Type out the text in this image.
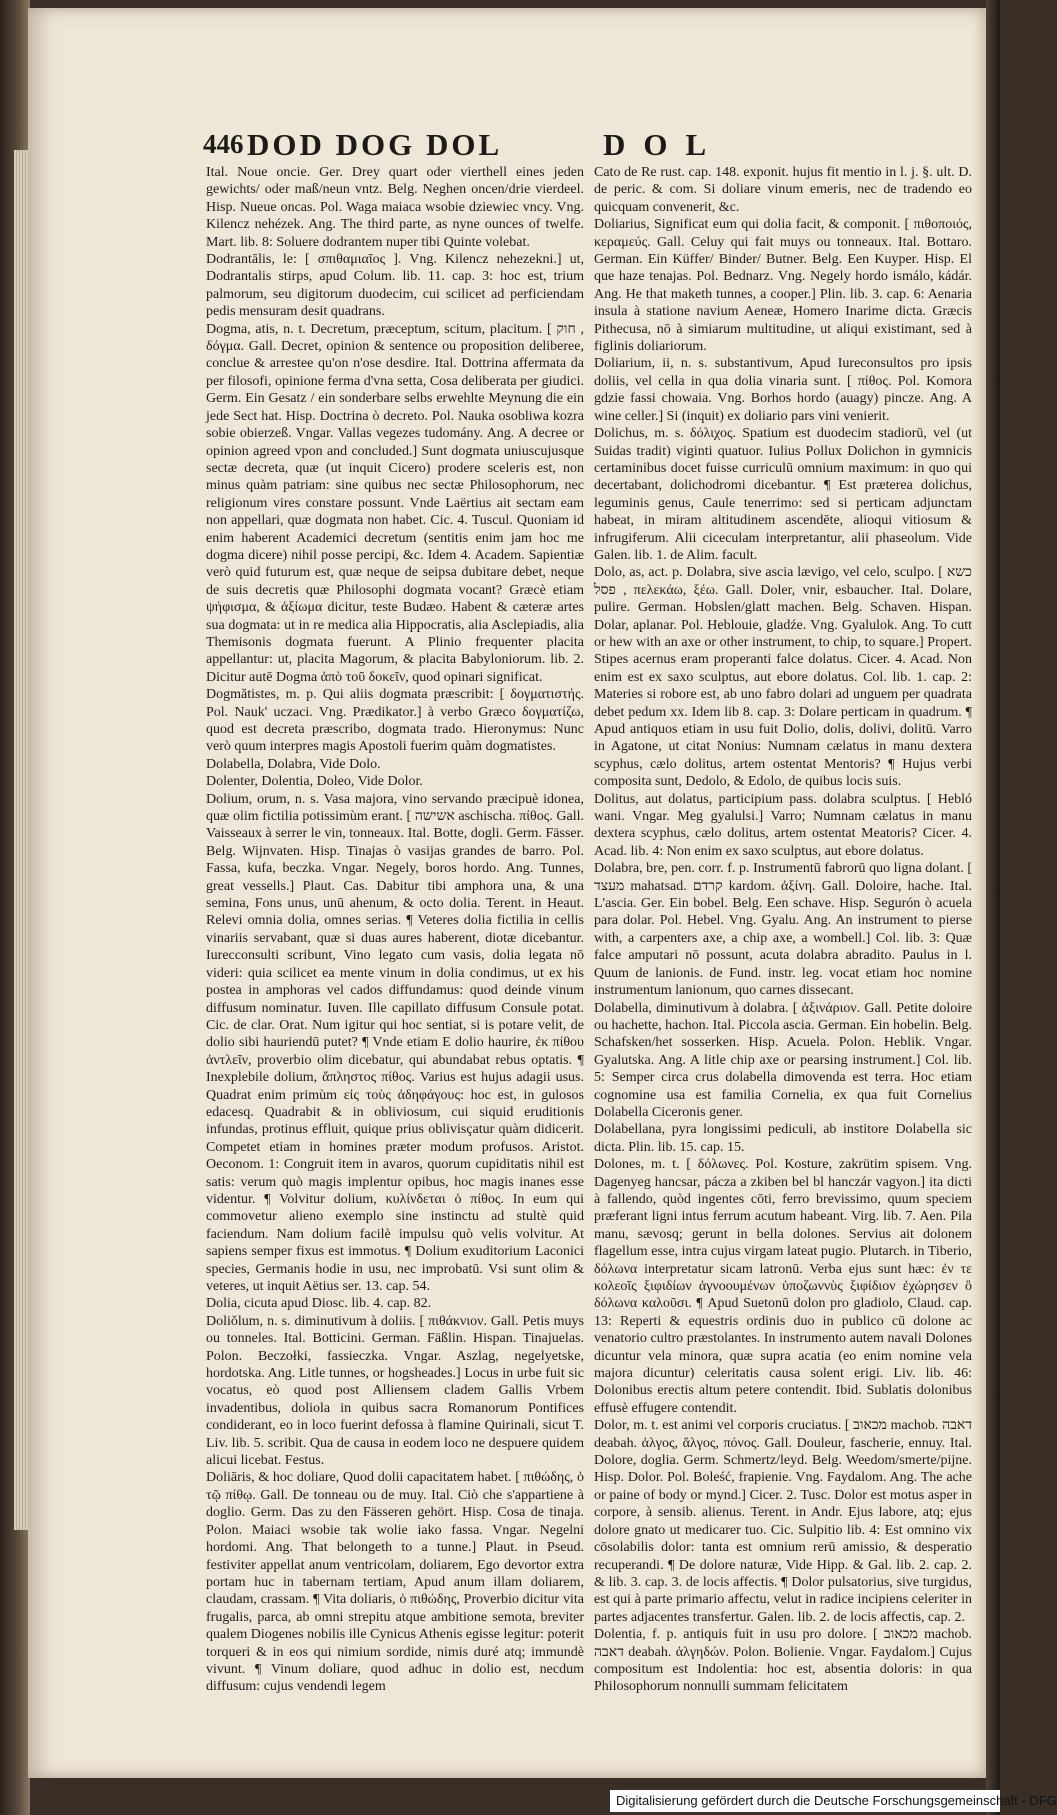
446 DOD DOG DOL	DOL

Ital. Noue oncie. Ger. Drey quart oder vierthell eines jeden gewichts/ oder maß/neun vntz. Belg. Neghen oncen/drie vierdeel. Hisp. Nueue oncas. Pol. Waga maiaca wsobie dziewiec vncy. Vng. Kilencz nehézek. Ang. The third parte, as nyne ounces of twelfe. Mart. lib. 8: Soluere dodrantem nuper tibi Quinte volebat.

Dodrantālis, le: [ σπιθαμιαῖος ]. Vng. Kilencz nehezekni.] ut, Dodrantalis stirps, apud Colum. lib. 11. cap. 3: hoc est, trium palmorum, seu digitorum duodecim, cui scilicet ad perficiendam pedis mensuram desit quadrans.

Dogma, atis, n. t. Decretum, præceptum, scitum, placitum. [ חוק , δόγμα. Gall. Decret, opinion & sentence ou proposition deliberee, conclue & arrestee qu'on n'ose desdire. Ital. Dottrina affermata da per filosofi, opinione ferma d'vna setta, Cosa deliberata per giudici. Germ. Ein Gesatz / ein sonderbare selbs erwehlte Meynung die ein jede Sect hat. Hisp. Doctrina ò decreto. Pol. Nauka osobliwa kozra sobie obierzeß. Vngar. Vallas vegezes tudomány. Ang. A decree or opinion agreed vpon and concluded.] Sunt dogmata uniuscujusque sectæ decreta, quæ (ut inquit Cicero) prodere sceleris est, non minus quàm patriam: sine quibus nec sectæ Philosophorum, nec religionum vires constare possunt. Vnde Laërtius ait sectam eam non appellari, quæ dogmata non habet. Cic. 4. Tuscul. Quoniam id enim haberent Academici decretum (sentitis enim jam hoc me dogma dicere) nihil posse percipi, &c. Idem 4. Academ. Sapientiæ verò quid futurum est, quæ neque de seipsa dubitare debet, neque de suis decretis quæ Philosophi dogmata vocant? Græcè etiam ψήφισμα, & ἀξίωμα dicitur, teste Budæo. Habent & cæteræ artes sua dogmata: ut in re medica alia Hippocratis, alia Asclepiadis, alia Themisonis dogmata fuerunt. A Plinio frequenter placita appellantur: ut, placita Magorum, & placita Babyloniorum. lib. 2. Dicitur autē Dogma ἀπὸ τοῦ δοκεῖν, quod opinari significat.

Dogmătistes, m. p. Qui aliis dogmata præscribit: [ δογματιστής. Pol. Nauk' uczaci. Vng. Prædikator.] à verbo Græco δογματίζω, quod est decreta præscribo, dogmata trado. Hieronymus: Nunc verò quum interpres magis Apostoli fuerim quàm dogmatistes.

Dolabella, Dolabra, Vide Dolo.

Dolenter, Dolentia, Doleo, Vide Dolor.

Dolium, orum, n. s. Vasa majora, vino servando præcipuè idonea, quæ olim fictilia potissimùm erant. [ אשישה aschischa. πίθος. Gall. Vaisseaux à serrer le vin, tonneaux. Ital. Botte, dogli. Germ. Fässer. Belg. Wijnvaten. Hisp. Tinajas ò vasijas grandes de barro. Pol. Fassa, kufa, beczka. Vngar. Negely, boros hordo. Ang. Tunnes, great vessells.] Plaut. Cas. Dabitur tibi amphora una, & una semina, Fons unus, unū ahenum, & octo dolia. Terent. in Heaut. Relevi omnia dolia, omnes serias. ¶ Veteres dolia fictilia in cellis vinariis servabant, quæ si duas aures haberent, diotæ dicebantur. Iurecconsulti scribunt, Vino legato cum vasis, dolia legata nō videri: quia scilicet ea mente vinum in dolia condimus, ut ex his postea in amphoras vel cados diffundamus: quod deinde vinum diffusum nominatur. Iuven. Ille capillato diffusum Consule potat. Cic. de clar. Orat. Num igitur qui hoc sentiat, si is potare velit, de dolio sibi hauriendū putet? ¶ Vnde etiam E dolio haurire, ἐκ πίθου ἀντλεῖν, proverbio olim dicebatur, qui abundabat rebus optatis. ¶ Inexplebile dolium, ἄπληστος πίθος. Varius est hujus adagii usus. Quadrat enim primùm εἰς τοὺς ἀδηφάγους: hoc est, in gulosos edacesq. Quadrabit & in obliviosum, cui siquid eruditionis infundas, protinus effluit, quique prius oblivisçatur quàm didicerit. Competet etiam in homines præter modum profusos. Aristot. Oeconom. 1: Congruit item in avaros, quorum cupiditatis nihil est satis: verum quò magis implentur opibus, hoc magis inanes esse videntur. ¶ Volvitur dolium, κυλίνδεται ὁ πίθος. In eum qui commovetur alieno exemplo sine instinctu ad stultè quid faciendum. Nam dolium facilè impulsu quò velis volvitur. At sapiens semper fixus est immotus. ¶ Dolium exuditorium Laconici species, Germanis hodie in usu, nec improbatū. Vsi sunt olim & veteres, ut inquit Aëtius ser. 13. cap. 54.

Dolia, cicuta apud Diosc. lib. 4. cap. 82.

Doliŏlum, n. s. diminutivum à doliis. [ πιθάκνιον. Gall. Petis muys ou tonneles. Ital. Botticini. German. Fäßlin. Hispan. Tinajuelas. Polon. Beczołki, fassieczka. Vngar. Aszlag, negelyetske, hordotska. Ang. Litle tunnes, or hogsheades.] Locus in urbe fuit sic vocatus, eò quod post Alliensem cladem Gallis Vrbem invadentibus, doliola in quibus sacra Romanorum Pontifices condiderant, eo in loco fuerint defossa à flamine Quirinali, sicut T. Liv. lib. 5. scribit. Qua de causa in eodem loco ne despuere quidem alicui licebat. Festus.

Doliāris, & hoc doliare, Quod dolii capacitatem habet. [ πιθώδης, ὁ τῷ πίθῳ. Gall. De tonneau ou de muy. Ital. Ciò che s'appartiene à doglio. Germ. Das zu den Fässeren gehört. Hisp. Cosa de tinaja. Polon. Maiaci wsobie tak wolie iako fassa. Vngar. Negelni hordomi. Ang. That belongeth to a tunne.] Plaut. in Pseud. festiviter appellat anum ventricolam, doliarem, Ego devortor extra portam huc in tabernam tertiam, Apud anum illam doliarem, claudam, crassam. ¶ Vita doliaris, ὁ πιθώδης, Proverbio dicitur vita frugalis, parca, ab omni strepitu atque ambitione semota, breviter qualem Diogenes nobilis ille Cynicus Athenis egisse legitur: poterit torqueri & in eos qui nimium sordide, nimis duré atq; immundè vivunt. ¶ Vinum doliare, quod adhuc in dolio est, necdum diffusum: cujus vendendi legem

Cato de Re rust. cap. 148. exponit. hujus fit mentio in l. j. §. ult. D. de peric. & com. Si doliare vinum emeris, nec de tradendo eo quicquam convenerit, &c.

Doliarius, Significat eum qui dolia facit, & componit. [ πιθοποιός, κεραμεύς. Gall. Celuy qui fait muys ou tonneaux. Ital. Bottaro. German. Ein Küffer/ Binder/ Butner. Belg. Een Kuyper. Hisp. El que haze tenajas. Pol. Bednarz. Vng. Negely hordo ismálo, kádár. Ang. He that maketh tunnes, a cooper.] Plin. lib. 3. cap. 6: Aenaria insula à statione navium Aeneæ, Homero Inarime dicta. Græcis Pithecusa, nō à simiarum multitudine, ut aliqui existimant, sed à figlinis doliariorum.

Doliarium, ii, n. s. substantivum, Apud Iureconsultos pro ipsis doliis, vel cella in qua dolia vinaria sunt. [ πίθος. Pol. Komora gdzie fassi chowaia. Vng. Borhos hordo (auagy) pincze. Ang. A wine celler.] Si (inquit) ex doliario pars vini venierit.

Dolichus, m. s. δόλιχος. Spatium est duodecim stadiorū, vel (ut Suidas tradit) viginti quatuor. Iulius Pollux Dolichon in gymnicis certaminibus docet fuisse curriculū omnium maximum: in quo qui decertabant, dolichodromi dicebantur. ¶ Est præterea dolichus, leguminis genus, Caule tenerrimo: sed si perticam adjunctam habeat, in miram altitudinem ascendēte, alioqui vitiosum & infrugiferum. Alii ciceculam interpretantur, alii phaseolum. Vide Galen. lib. 1. de Alim. facult.

Dolo, as, act. p. Dolabra, sive ascia lævigo, vel celo, sculpo. [ כשא פסל , πελεκάω, ξέω. Gall. Doler, vnir, esbaucher. Ital. Dolare, pulire. German. Hobslen/glatt machen. Belg. Schaven. Hispan. Dolar, aplanar. Pol. Heblouie, gladźe. Vng. Gyalulok. Ang. To cutt or hew with an axe or other instrument, to chip, to square.] Propert. Stipes acernus eram properanti falce dolatus. Cicer. 4. Acad. Non enim est ex saxo sculptus, aut ebore dolatus. Col. lib. 1. cap. 2: Materies si robore est, ab uno fabro dolari ad unguem per quadrata debet pedum xx. Idem lib 8. cap. 3: Dolare perticam in quadrum. ¶ Apud antiquos etiam in usu fuit Dolio, dolis, dolivi, dolitū. Varro in Agatone, ut citat Nonius: Numnam cælatus in manu dextera scyphus, cælo dolitus, artem ostentat Mentoris? ¶ Hujus verbi composita sunt, Dedolo, & Edolo, de quibus locis suis.

Dolitus, aut dolatus, participium pass. dolabra sculptus. [ Hebló wani. Vngar. Meg gyalulsi.] Varro; Numnam cælatus in manu dextera scyphus, cælo dolitus, artem ostentat Meatoris? Cicer. 4. Acad. lib. 4: Non enim ex saxo sculptus, aut ebore dolatus.

Dolabra, bre, pen. corr. f. p. Instrumentū fabrorū quo ligna dolant. [ מעצד mahatsad. קרדם kardom. ἀξίνη. Gall. Doloire, hache. Ital. L'ascia. Ger. Ein bobel. Belg. Een schave. Hisp. Segurón ò acuela para dolar. Pol. Hebel. Vng. Gyalu. Ang. An instrument to pierse with, a carpenters axe, a chip axe, a wombell.] Col. lib. 3: Quæ falce amputari nō possunt, acuta dolabra abradito. Paulus in l. Quum de lanionis. de Fund. instr. leg. vocat etiam hoc nomine instrumentum lanionum, quo carnes dissecant.

Dolabella, diminutivum à dolabra. [ ἀξινάριον. Gall. Petite doloire ou hachette, hachon. Ital. Piccola ascia. German. Ein hobelin. Belg. Schafsken/het sosserken. Hisp. Acuela. Polon. Heblik. Vngar. Gyalutska. Ang. A litle chip axe or pearsing instrument.] Col. lib. 5: Semper circa crus dolabella dimovenda est terra. Hoc etiam cognomine usa est familia Cornelia, ex qua fuit Cornelius Dolabella Ciceronis gener.

Dolabellana, pyra longissimi pediculi, ab institore Dolabella sic dicta. Plin. lib. 15. cap. 15.

Dolones, m. t. [ δόλωνες. Pol. Kosture, zakrütim spisem. Vng. Dagenyeg hancsar, pácza a zkiben bel bl hanczár vagyon.] ita dicti à fallendo, quòd ingentes cōti, ferro brevissimo, quum speciem præferant ligni intus ferrum acutum habeant. Virg. lib. 7. Aen. Pila manu, sævosq; gerunt in bella dolones. Servius ait dolonem flagellum esse, intra cujus virgam lateat pugio. Plutarch. in Tiberio, δόλωνα interpretatur sicam latronū. Verba ejus sunt hæc: ἐν τε κολεοῖς ξιφιδίων ἀγνοουμένων ὑποζωννὺς ξιφίδιον ἐχώρησεν ὃ δόλωνα καλοῦσι. ¶ Apud Suetonū dolon pro gladiolo, Claud. cap. 13: Reperti & equestris ordinis duo in publico cū dolone ac venatorio cultro præstolantes. In instrumento autem navali Dolones dicuntur vela minora, quæ supra acatia (eo enim nomine vela majora dicuntur) celeritatis causa solent erigi. Liv. lib. 46: Dolonibus erectis altum petere contendit. Ibid. Sublatis dolonibus effusè effugere contendit.

Dolor, m. t. est animi vel corporis cruciatus. [ מכאוב machob. דאבה deabah. ἀλγος, ἄλγος, πόνος. Gall. Douleur, fascherie, ennuy. Ital. Dolore, doglia. Germ. Schmertz/leyd. Belg. Weedom/smerte/pijne. Hisp. Dolor. Pol. Boleść, frapienie. Vng. Faydalom. Ang. The ache or paine of body or mynd.] Cicer. 2. Tusc. Dolor est motus asper in corpore, à sensib. alienus. Terent. in Andr. Ejus labore, atq; ejus dolore gnato ut medicarer tuo. Cic. Sulpitio lib. 4: Est omnino vix cōsolabilis dolor: tanta est omnium rerū amissio, & desperatio recuperandi. ¶ De dolore naturæ, Vide Hipp. & Gal. lib. 2. cap. 2. & lib. 3. cap. 3. de locis affectis. ¶ Dolor pulsatorius, sive turgidus, est qui à parte primario affectu, velut in radice incipiens celeriter in partes adjacentes transfertur. Galen. lib. 2. de locis affectis, cap. 2.

Dolentia, f. p. antiquis fuit in usu pro dolore. [ מכאוב machob. דאבה deabah. ἀλγηδών. Polon. Bolienie. Vngar. Faydalom.] Cujus compositum est Indolentia: hoc est, absentia doloris: in qua Philosophorum nonnulli summam felicitatem

Digitalisierung gefördert durch die Deutsche Forschungsgemeinschaft - DFG
